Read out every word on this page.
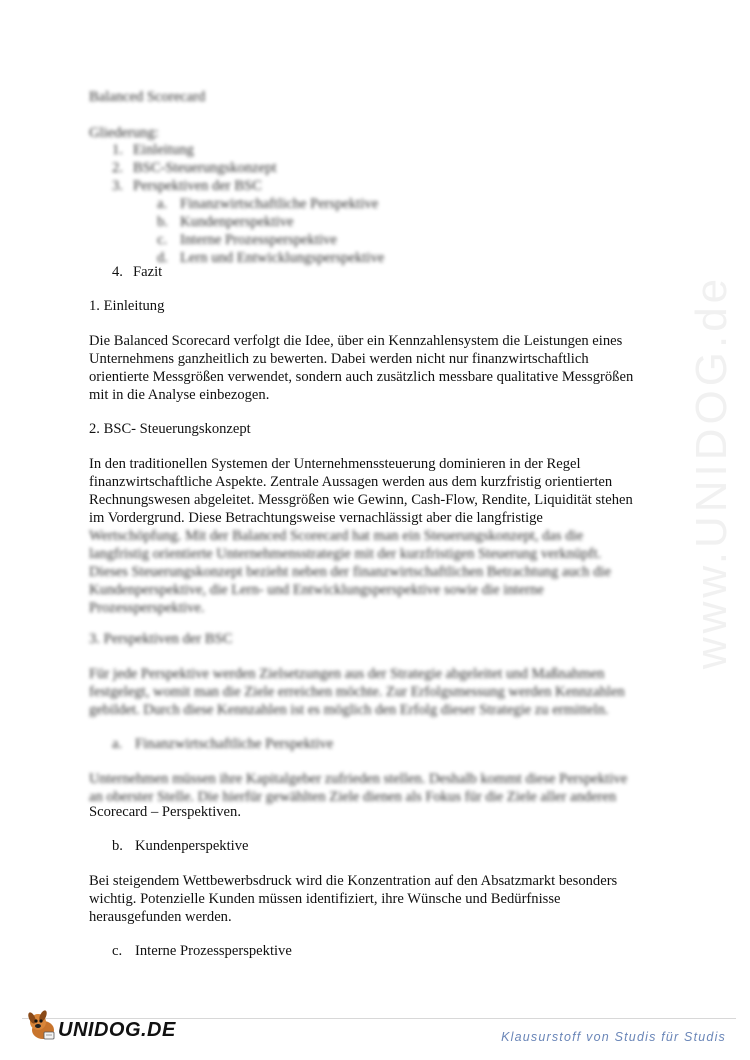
www.UNIDOG.de

Balanced Scorecard

Gliederung:

1. Einleitung
2. BSC-Steuerungskonzept
3. Perspektiven der BSC
a. Finanzwirtschaftliche Perspektive
b. Kundenperspektive
c. Interne Prozessperspektive
d. Lern und Entwicklungsperspektive
4. Fazit

1. Einleitung

Die Balanced Scorecard verfolgt die Idee, über ein Kennzahlensystem die Leistungen eines

Unternehmens ganzheitlich zu bewerten. Dabei werden nicht nur finanzwirtschaftlich

orientierte Messgrößen verwendet, sondern auch zusätzlich messbare qualitative Messgrößen

mit in die Analyse einbezogen.

2. BSC- Steuerungskonzept

In den traditionellen Systemen der Unternehmenssteuerung dominieren in der Regel

finanzwirtschaftliche Aspekte. Zentrale Aussagen werden aus dem kurzfristig orientierten

Rechnungswesen abgeleitet. Messgrößen wie Gewinn, Cash-Flow, Rendite, Liquidität stehen

im Vordergrund. Diese Betrachtungsweise vernachlässigt aber die langfristige

Wertschöpfung. Mit der Balanced Scorecard hat man ein Steuerungskonzept, das die

langfristig orientierte Unternehmensstrategie mit der kurzfristigen Steuerung verknüpft.

Dieses Steuerungskonzept bezieht neben der finanzwirtschaftlichen Betrachtung auch die

Kundenperspektive, die Lern- und Entwicklungsperspektive sowie die interne

Prozessperspektive.

3. Perspektiven der BSC

Für jede Perspektive werden Zielsetzungen aus der Strategie abgeleitet und Maßnahmen

festgelegt, womit man die Ziele erreichen möchte. Zur Erfolgsmessung werden Kennzahlen

gebildet. Durch diese Kennzahlen ist es möglich den Erfolg dieser Strategie zu ermitteln.

a. Finanzwirtschaftliche Perspektive

Unternehmen müssen ihre Kapitalgeber zufrieden stellen. Deshalb kommt diese Perspektive

an oberster Stelle. Die hierfür gewählten Ziele dienen als Fokus für die Ziele aller anderen

Scorecard – Perspektiven.

b. Kundenperspektive

Bei steigendem Wettbewerbsdruck wird die Konzentration auf den Absatzmarkt besonders

wichtig. Potenzielle Kunden müssen identifiziert, ihre Wünsche und Bedürfnisse

herausgefunden werden.

c. Interne Prozessperspektive
UNIDOG.DE	Klausurstoff von Studis für Studis
